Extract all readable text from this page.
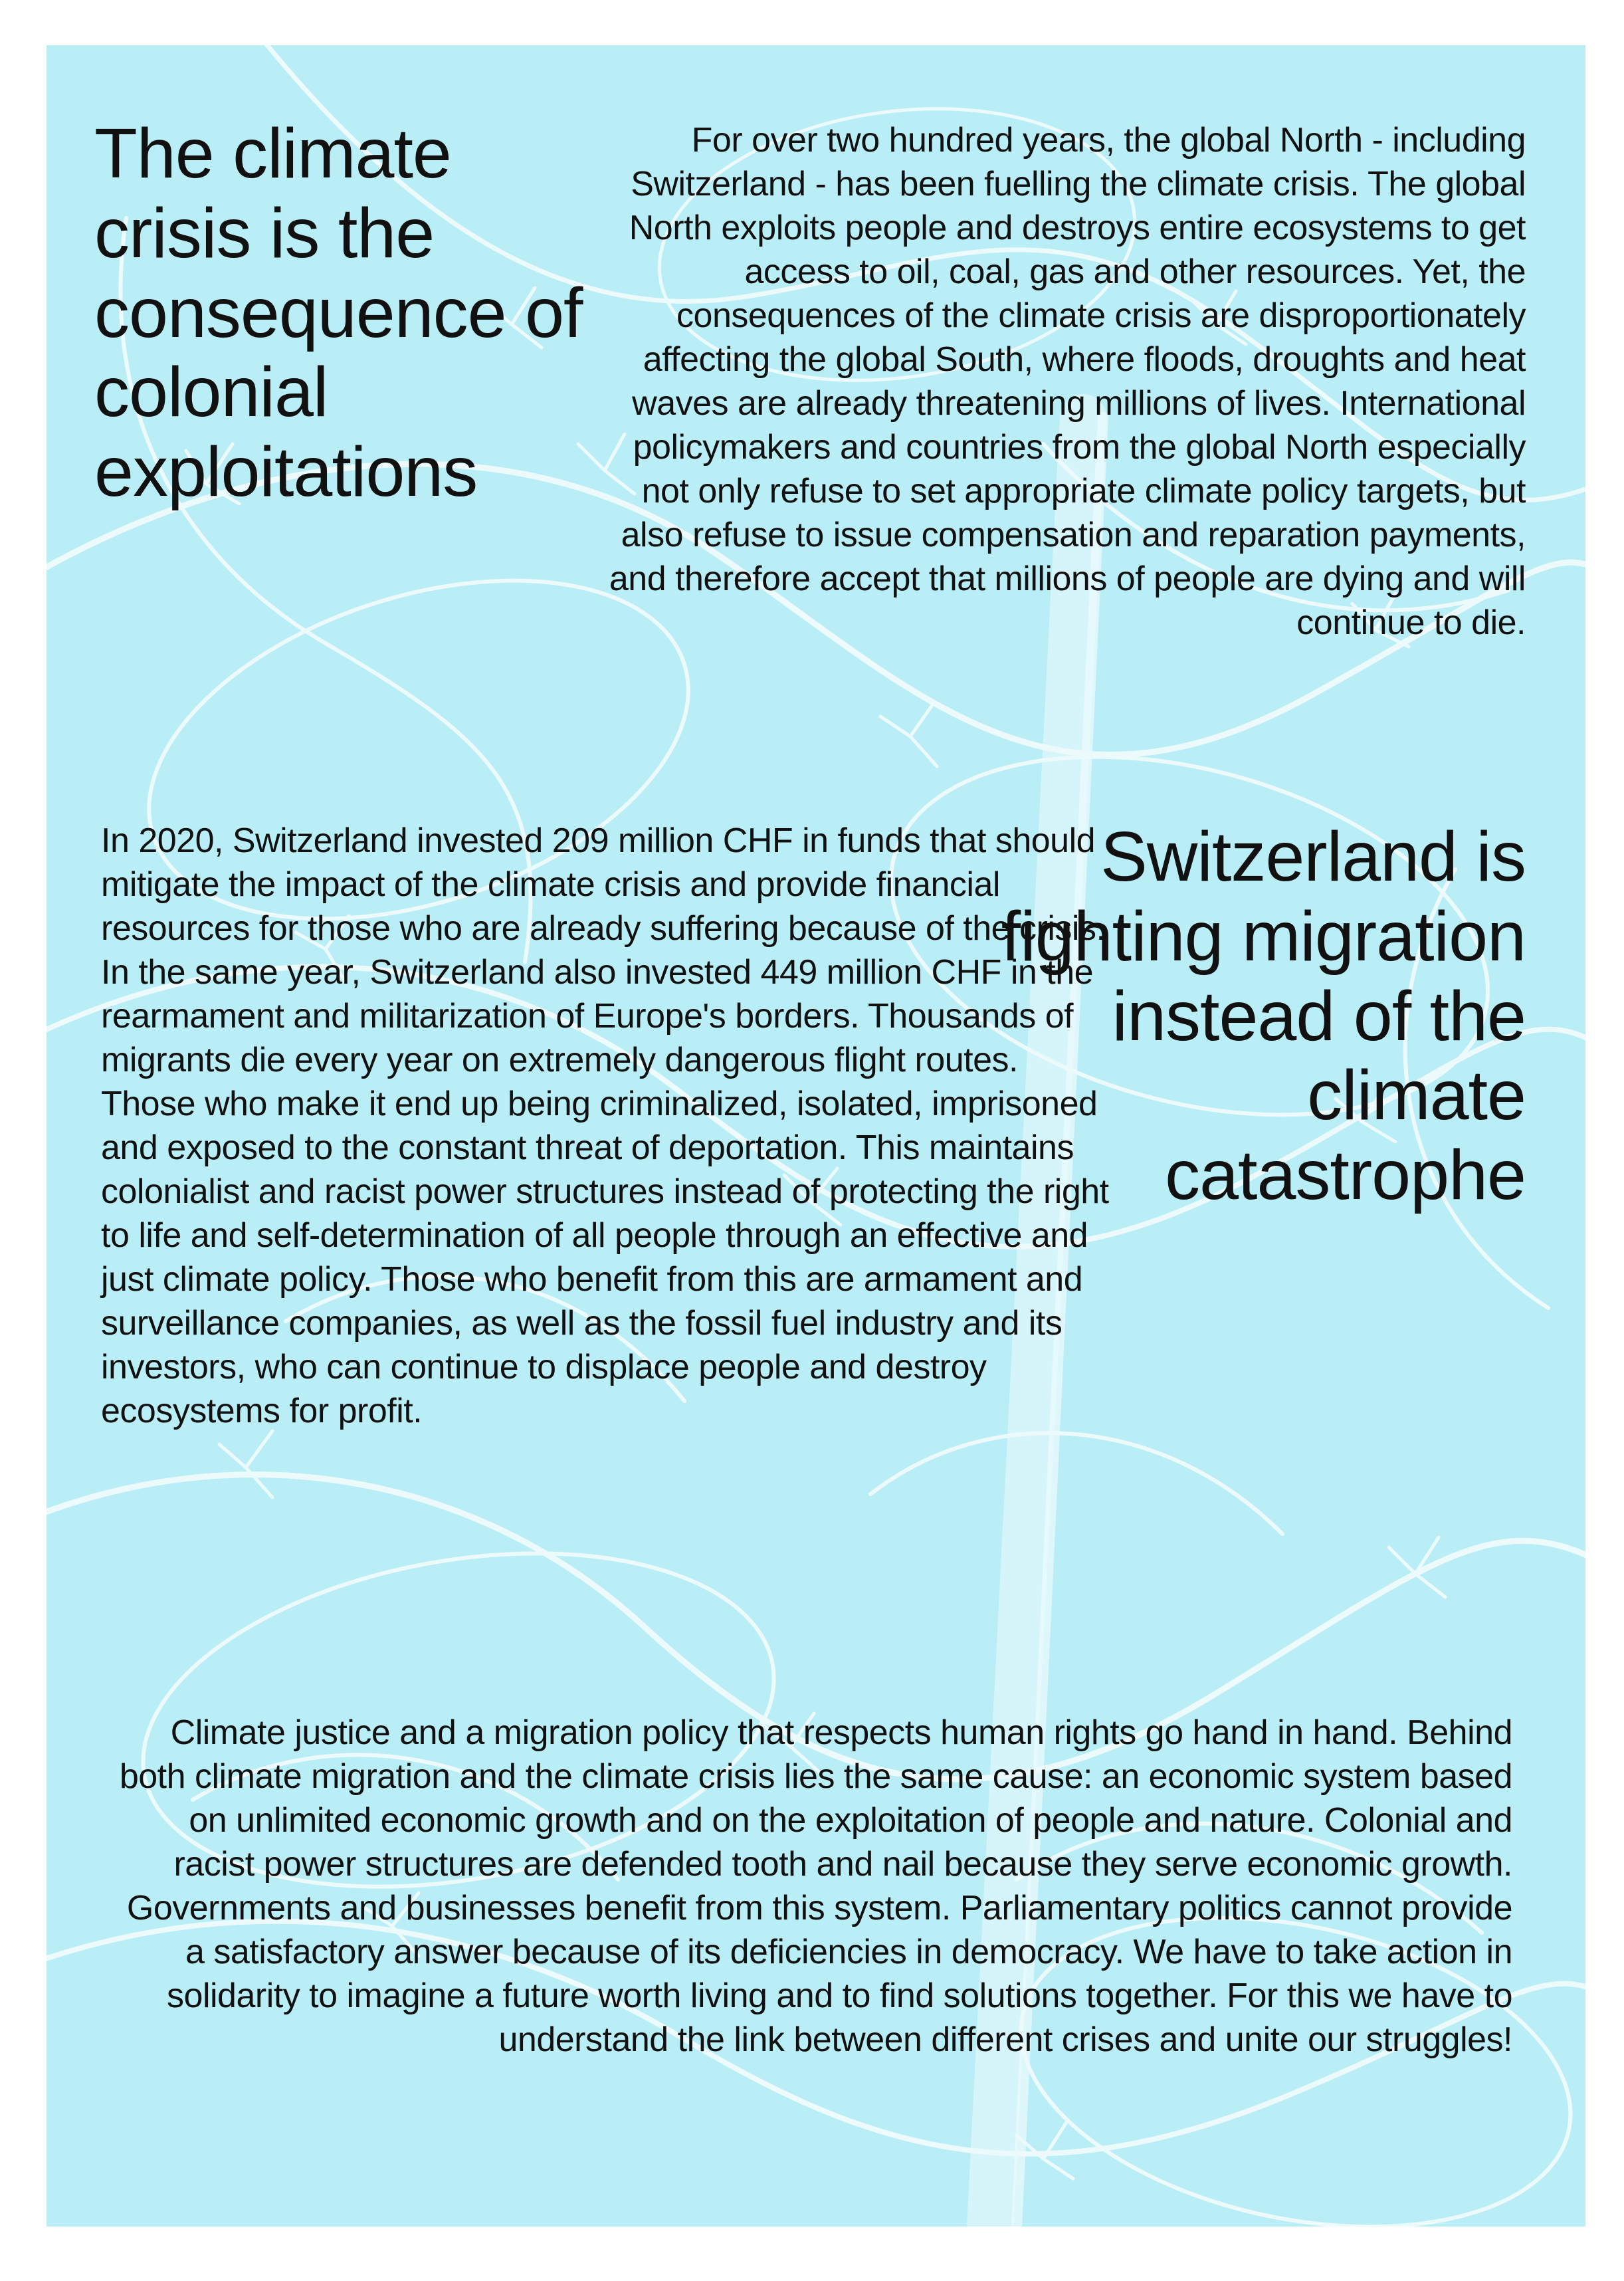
The climate crisis is the consequence of colonial exploitations

For over two hundred years, the global North - including Switzerland - has been fuelling the climate crisis. The global North exploits people and destroys entire ecosystems to get access to oil, coal, gas and other resources. Yet, the consequences of the climate crisis are disproportionately affecting the global South, where floods, droughts and heat waves are already threatening millions of lives. International policymakers and countries from the global North especially not only refuse to set appropriate climate policy targets, but also refuse to issue compensation and reparation payments, and therefore accept that millions of people are dying and will continue to die.

In 2020, Switzerland invested 209 million CHF in funds that should mitigate the impact of the climate crisis and provide financial resources for those who are already suffering because of the crisis. In the same year, Switzerland also invested 449 million CHF in the rearmament and militarization of Europe's borders. Thousands of migrants die every year on extremely dangerous flight routes. Those who make it end up being criminalized, isolated, imprisoned and exposed to the constant threat of deportation. This maintains colonialist and racist power structures instead of protecting the right to life and self-determination of all people through an effective and just climate policy. Those who benefit from this are armament and surveillance companies, as well as the fossil fuel industry and its investors, who can continue to displace people and destroy ecosystems for profit.

Switzerland is fighting migration instead of the climate catastrophe

Climate justice and a migration policy that respects human rights go hand in hand. Behind both climate migration and the climate crisis lies the same cause: an economic system based on unlimited economic growth and on the exploitation of people and nature. Colonial and racist power structures are defended tooth and nail because they serve economic growth. Governments and businesses benefit from this system. Parliamentary politics cannot provide a satisfactory answer because of its deficiencies in democracy. We have to take action in solidarity to imagine a future worth living and to find solutions together. For this we have to understand the link between different crises and unite our struggles!
